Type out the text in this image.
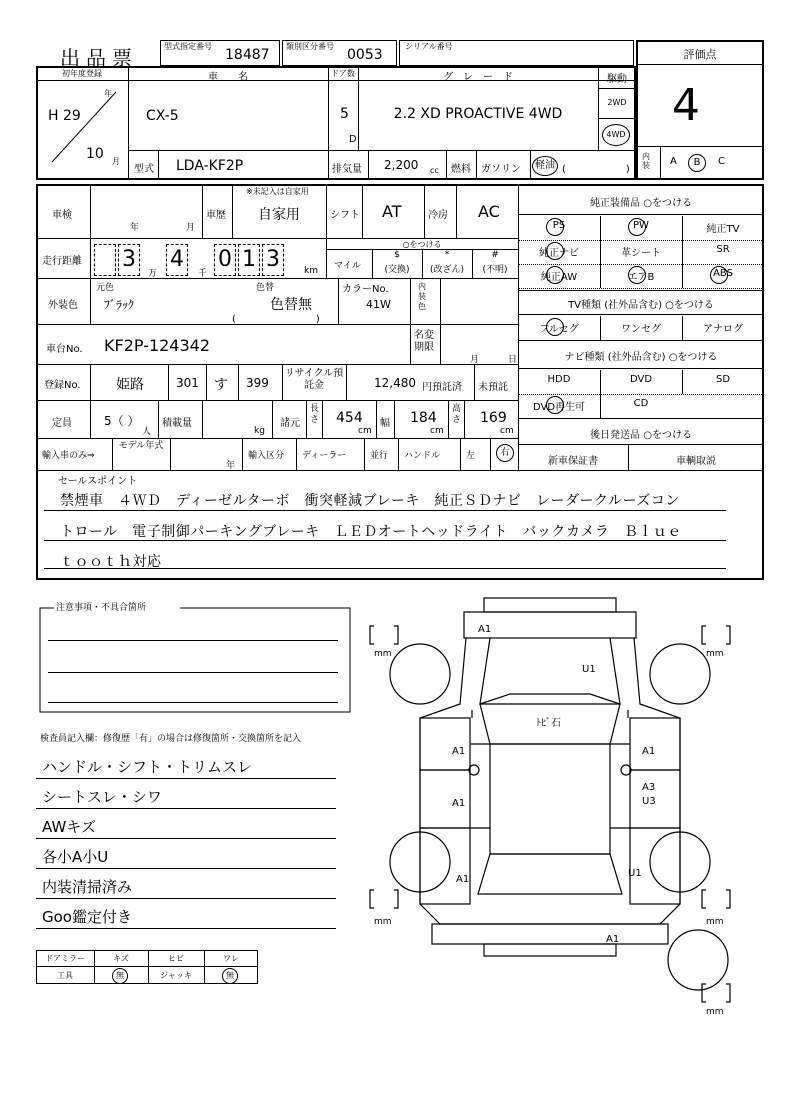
出品票	型式指定番号
18487
類別区分番号
0053
シリアル番号
評価点
4
内装	A	B	C
初年度登録
H 29
年
10 月
車　　名
CX-5
ドア数
5
D
グ　レ　ー　ド
2.2 XD PROACTIVE 4WD
駆動
2WD
4WD
型式 LDA-KF2P	排気量 2,200 cc 燃料 ガソリン	軽油 (　　　　　　)
車検
年	月
車歴
※未記入は自家用
自家用	シフト AT	冷房 AC
走行距離 3 4 0 1 3
万	千	km
○をつける
マイル
$
(交換)
*
(改ざん)
#
(不明)
外装色
元色
ﾌﾞﾗｯｸ
色替
色替無
(　　　　　　　　)
カラーNo.
41W
内装色
車台No. KF2P-124342
名変期限
月	日
登録No.	姫路	301 す 399
リサイクル預託金	12,480 円預託済 未預託
定員	5（ ）
人
積載量
kg
諸元
長さ 454
cm
幅 184
cm
高さ 169
cm
輸入車のみ⇒
モデル年式
年
輸入区分 ディーラー	並行 ハンドル	左	右
純正装備品 ○をつける
PS	PW	純正TV
純正ナビ	革シート	SR
純正AW	エアB	ABS
フルセグ	ワンセグ	アナログ
HDD	DVD	SD
DVD再生可	CD
TV種類 (社外品含む) ○をつける
ナビ種類 (社外品含む) ○をつける
後日発送品 ○をつける
新車保証書	車輌取説
セールスポイント
禁煙車　４ＷＤ　ディーゼルターボ　衝突軽減ブレーキ　純正ＳＤナビ　レーダークルーズコン
トロール　電子制御パーキングブレーキ　ＬＥＤオートヘッドライト　バックカメラ　Ｂｌｕｅ
ｔｏｏｔｈ対応
注意事項・不具合箇所
検査員記入欄：修復歴「有」の場合は修復箇所・交換箇所を記入
ハンドル・シフト・トリムスレ
シートスレ・シワ
AWキズ
各小A小U
内装清掃済み
Goo鑑定付き
ドアミラー	キズ	ヒビ	ワレ
工具	無	ジャッキ	無
mm	mm
mm	mm
mm
A1
U1
ﾄﾋﾞ石
A1
A1
A1
A3
U3
A1
U1
A1
